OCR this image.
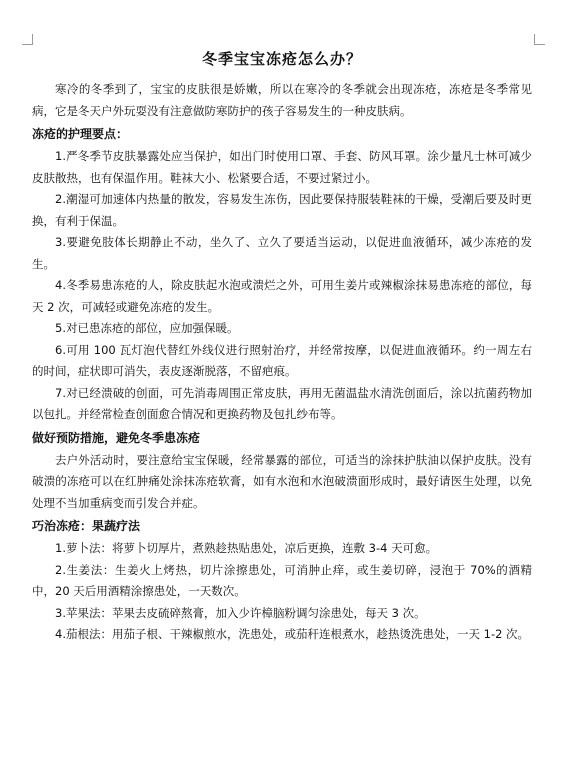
冬季宝宝冻疮怎么办？

寒冷的冬季到了，宝宝的皮肤很是娇嫩，所以在寒冷的冬季就会出现冻疮，冻疮是冬季常见病，它是冬天户外玩耍没有注意做防寒防护的孩子容易发生的一种皮肤病。

冻疮的护理要点：

1.严冬季节皮肤暴露处应当保护，如出门时使用口罩、手套、防风耳罩。涂少量凡士林可减少皮肤散热，也有保温作用。鞋袜大小、松紧要合适，不要过紧过小。

2.潮湿可加速体内热量的散发，容易发生冻伤，因此要保持服装鞋袜的干燥，受潮后要及时更换，有利于保温。

3.要避免肢体长期静止不动，坐久了、立久了要适当运动，以促进血液循环，减少冻疮的发生。

4.冬季易患冻疮的人，除皮肤起水泡或溃烂之外，可用生姜片或辣椒涂抹易患冻疮的部位，每天 2 次，可减轻或避免冻疮的发生。

5.对已患冻疮的部位，应加强保暖。

6.可用 100 瓦灯泡代替红外线仪进行照射治疗，并经常按摩，以促进血液循环。约一周左右的时间，症状即可消失，表皮逐渐脱落，不留疤痕。

7.对已经溃破的创面，可先消毒周围正常皮肤，再用无菌温盐水清洗创面后，涂以抗菌药物加以包扎。并经常检查创面愈合情况和更换药物及包扎纱布等。

做好预防措施，避免冬季患冻疮

去户外活动时，要注意给宝宝保暖，经常暴露的部位，可适当的涂抹护肤油以保护皮肤。没有破溃的冻疮可以在红肿痛处涂抹冻疮软膏，如有水泡和水泡破溃面形成时，最好请医生处理，以免处理不当加重病变而引发合并症。

巧治冻疮：果蔬疗法

1.萝卜法：将萝卜切厚片，煮熟趁热贴患处，凉后更换，连敷 3-4 天可愈。

2.生姜法：生姜火上烤热，切片涂擦患处，可消肿止痒，或生姜切碎，浸泡于 70%的酒精中，20 天后用酒精涂擦患处，一天数次。

3.苹果法：苹果去皮硫碎熬膏，加入少许樟脑粉调匀涂患处，每天 3 次。

4.茄根法：用茄子根、干辣椒煎水，洗患处，或茄秆连根煮水，趁热烫洗患处，一天 1-2 次。
